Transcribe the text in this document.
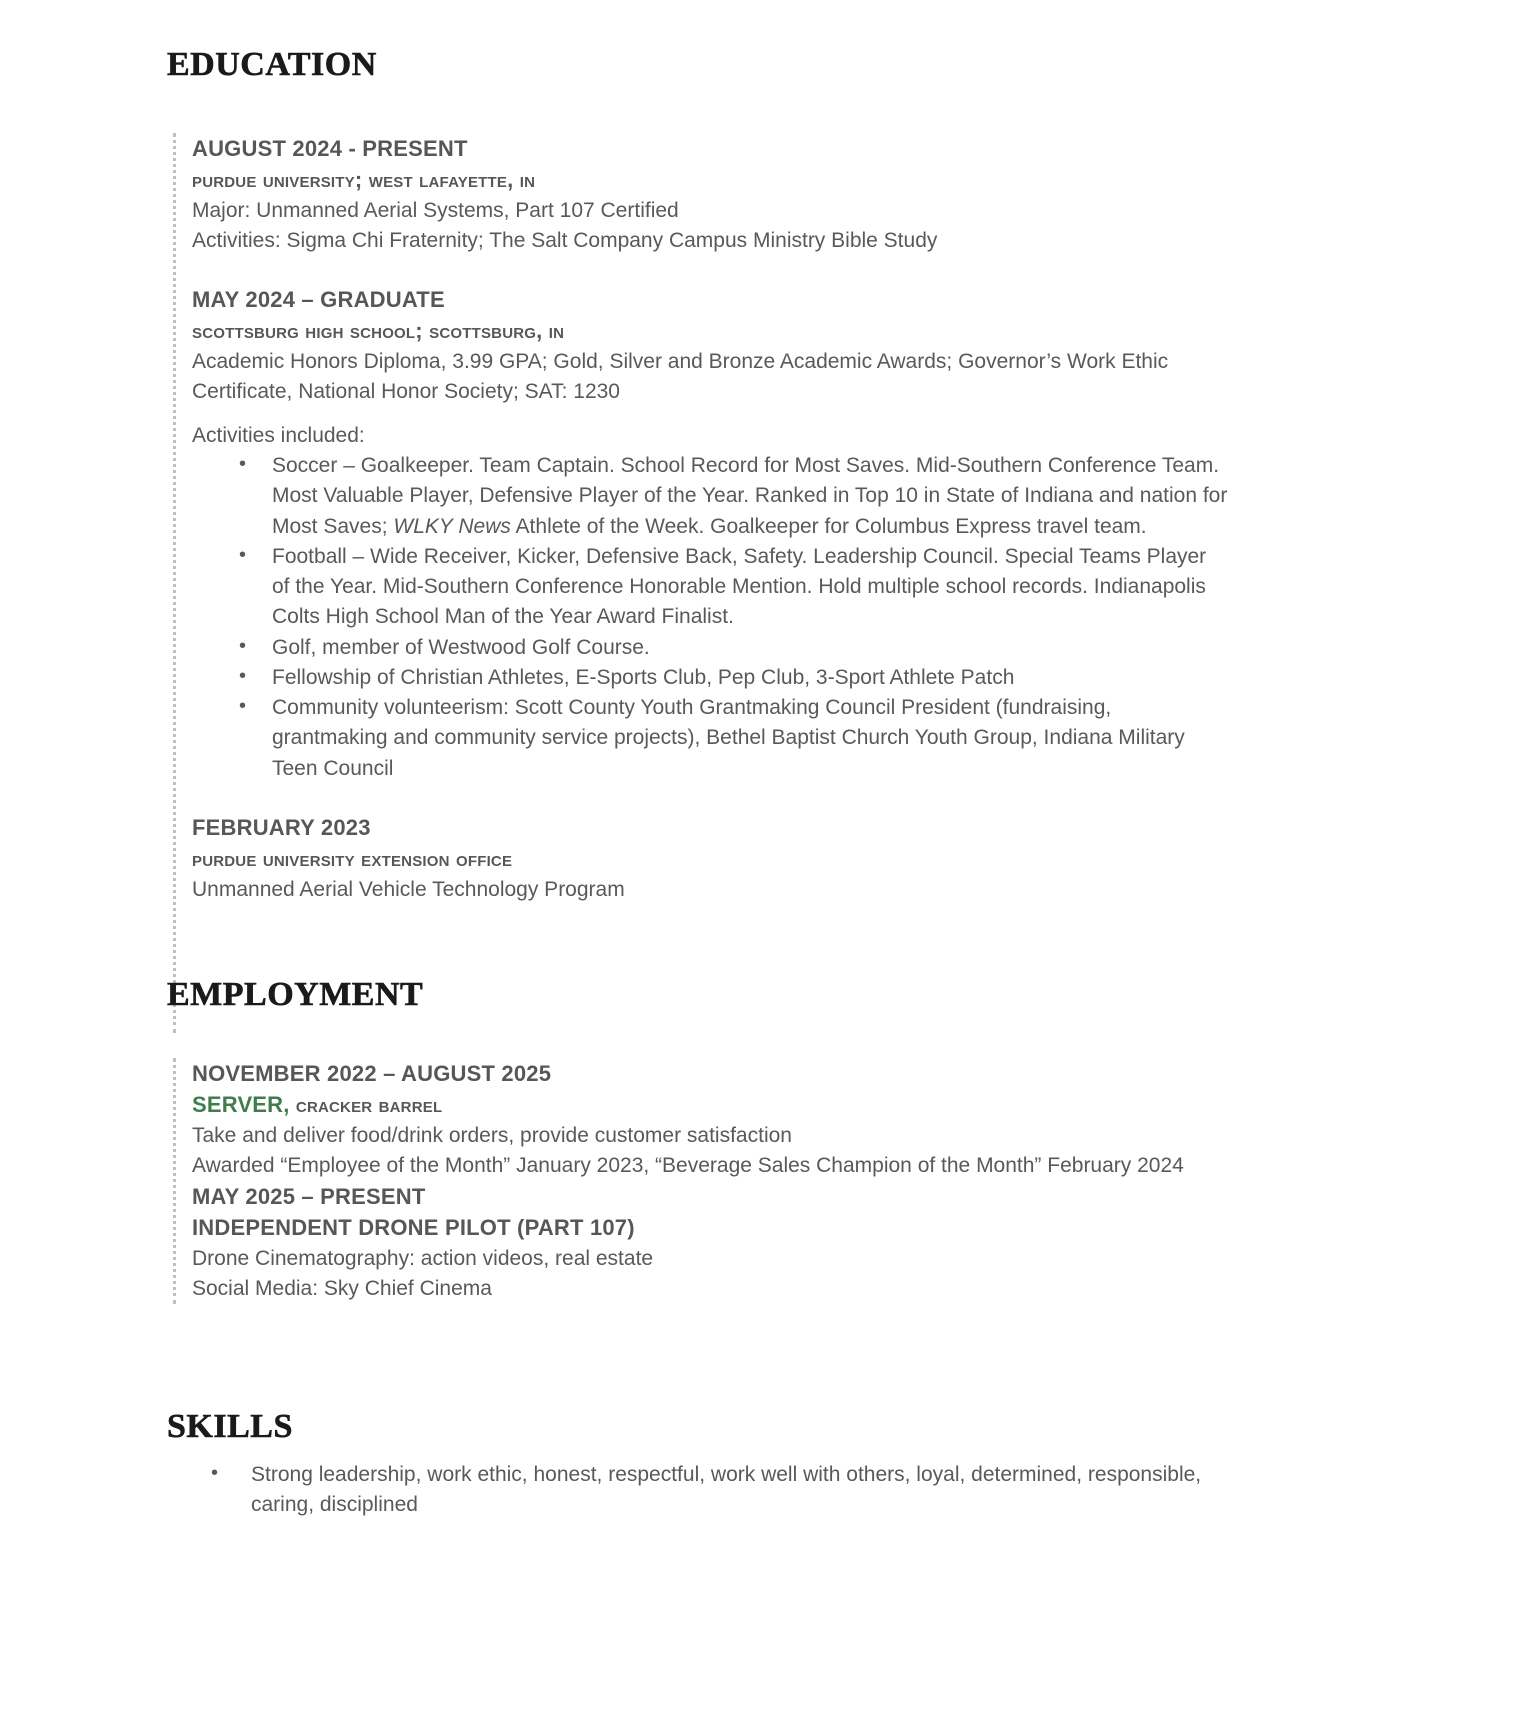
EDUCATION
AUGUST 2024 - PRESENT
purdue university; west lafayette, in
Major: Unmanned Aerial Systems, Part 107 Certified
Activities: Sigma Chi Fraternity; The Salt Company Campus Ministry Bible Study
MAY 2024 – GRADUATE
scottsburg high school; scottsburg, in
Academic Honors Diploma, 3.99 GPA; Gold, Silver and Bronze Academic Awards; Governor’s Work Ethic Certificate, National Honor Society; SAT: 1230
Activities included:
• Soccer – Goalkeeper. Team Captain. School Record for Most Saves. Mid-Southern Conference Team. Most Valuable Player, Defensive Player of the Year. Ranked in Top 10 in State of Indiana and nation for Most Saves; WLKY News Athlete of the Week. Goalkeeper for Columbus Express travel team.
• Football – Wide Receiver, Kicker, Defensive Back, Safety. Leadership Council. Special Teams Player of the Year. Mid-Southern Conference Honorable Mention. Hold multiple school records. Indianapolis Colts High School Man of the Year Award Finalist.
• Golf, member of Westwood Golf Course.
• Fellowship of Christian Athletes, E-Sports Club, Pep Club, 3-Sport Athlete Patch
• Community volunteerism: Scott County Youth Grantmaking Council President (fundraising, grantmaking and community service projects), Bethel Baptist Church Youth Group, Indiana Military Teen Council
FEBRUARY 2023
purdue university extension office
Unmanned Aerial Vehicle Technology Program
EMPLOYMENT
NOVEMBER 2022 – AUGUST 2025
SERVER, cracker barrel
Take and deliver food/drink orders, provide customer satisfaction
Awarded “Employee of the Month” January 2023, “Beverage Sales Champion of the Month” February 2024
MAY 2025 – PRESENT
INDEPENDENT DRONE PILOT (PART 107)
Drone Cinematography: action videos, real estate
Social Media: Sky Chief Cinema
SKILLS
• Strong leadership, work ethic, honest, respectful, work well with others, loyal, determined, responsible, caring, disciplined
